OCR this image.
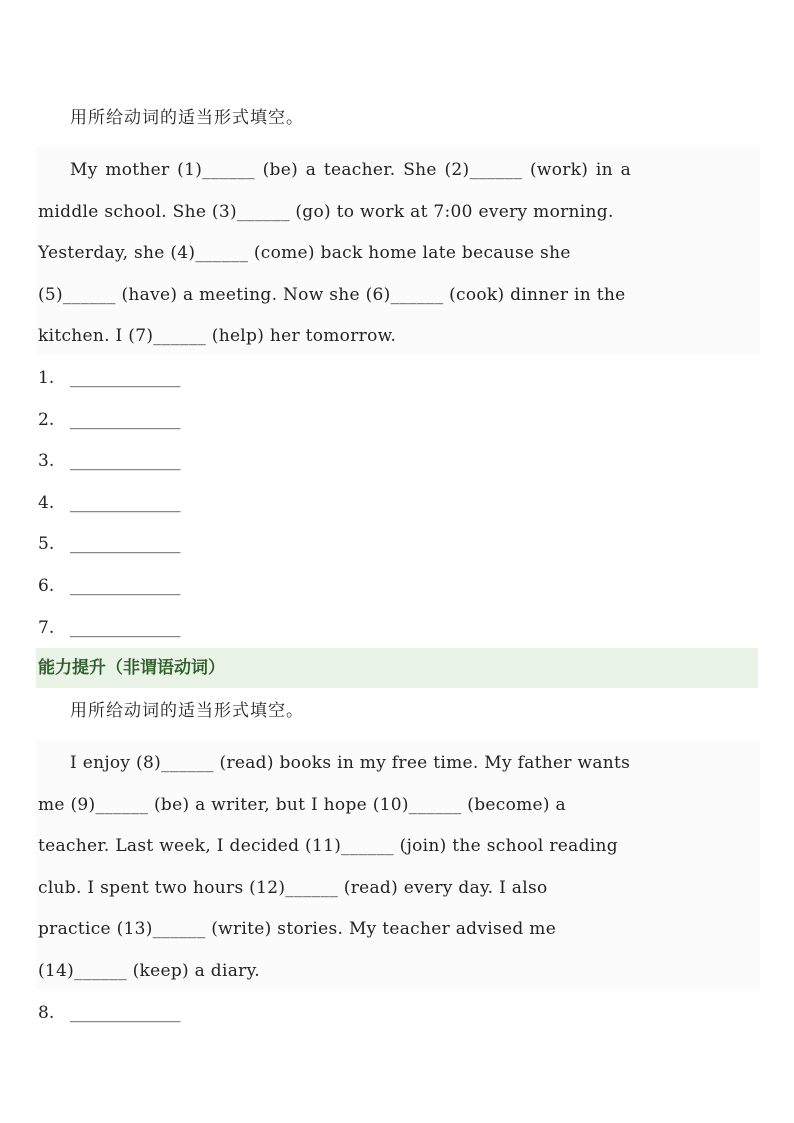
用所给动词的适当形式填空。
My mother (1)______ (be) a teacher. She (2)______ (work) in a
middle school. She (3)______ (go) to work at 7:00 every morning.
Yesterday, she (4)______ (come) back home late because she
(5)______ (have) a meeting. Now she (6)______ (cook) dinner in the
kitchen. I (7)______ (help) her tomorrow.
1. _____________
2. _____________
3. _____________
4. _____________
5. _____________
6. _____________
7. _____________
能力提升（非谓语动词）
用所给动词的适当形式填空。
I enjoy (8)______ (read) books in my free time. My father wants
me (9)______ (be) a writer, but I hope (10)______ (become) a
teacher. Last week, I decided (11)______ (join) the school reading
club. I spent two hours (12)______ (read) every day. I also
practice (13)______ (write) stories. My teacher advised me
(14)______ (keep) a diary.
8. _____________
